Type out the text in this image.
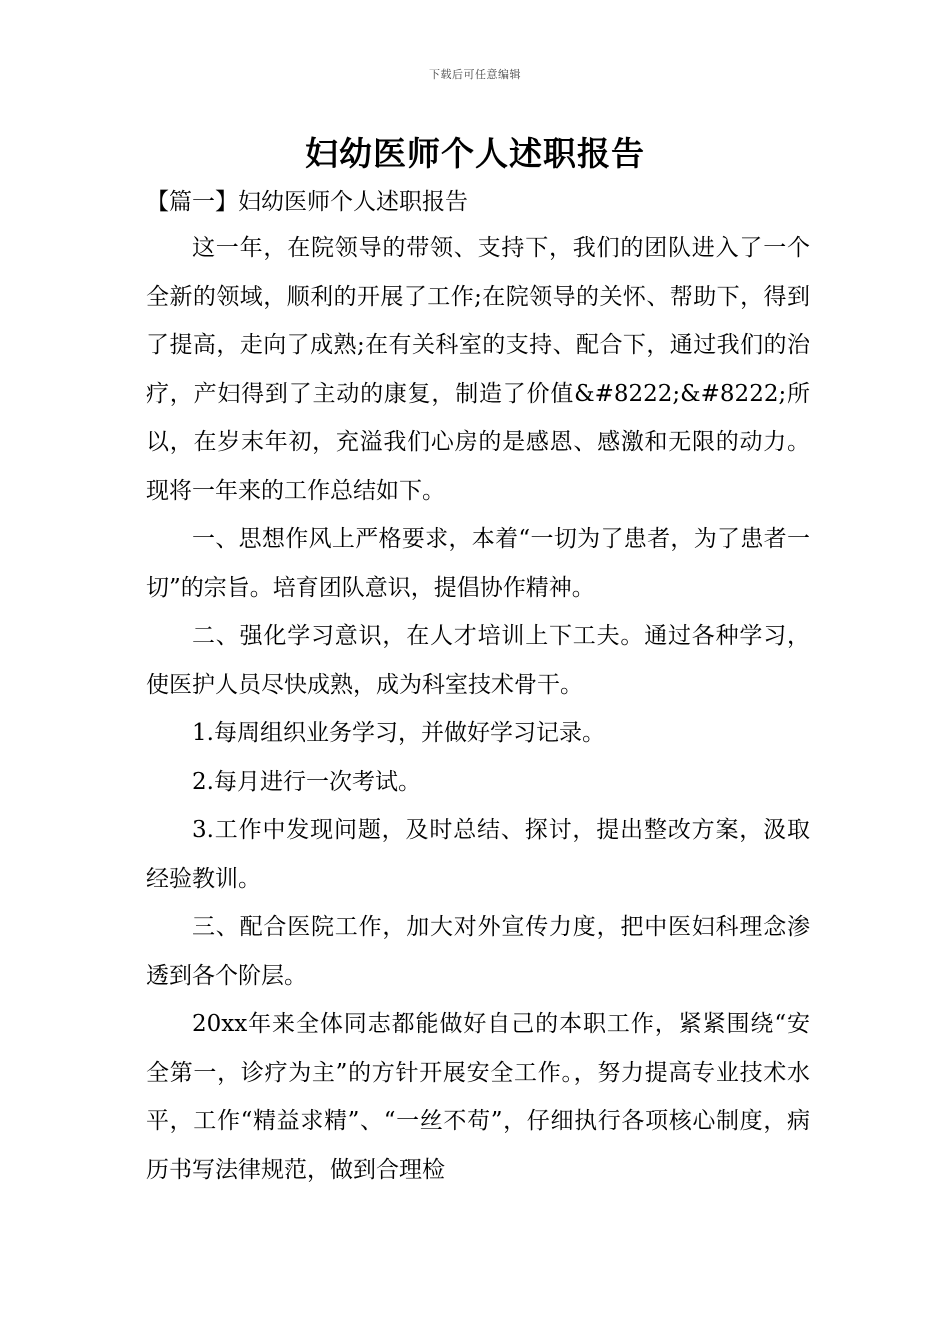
下载后可任意编辑
妇幼医师个人述职报告
【篇一】妇幼医师个人述职报告

这一年，在院领导的带领、支持下，我们的团队进入了一个全新的领域，顺利的开展了工作;在院领导的关怀、帮助下，得到了提高，走向了成熟;在有关科室的支持、配合下，通过我们的治疗，产妇得到了主动的康复，制造了价值&#8222;&#8222;所以，在岁末年初，充溢我们心房的是感恩、感激和无限的动力。现将一年来的工作总结如下。

一、思想作风上严格要求，本着“一切为了患者，为了患者一切”的宗旨。培育团队意识，提倡协作精神。

二、强化学习意识，在人才培训上下工夫。通过各种学习，使医护人员尽快成熟，成为科室技术骨干。

1.每周组织业务学习，并做好学习记录。

2.每月进行一次考试。

3.工作中发现问题，及时总结、探讨，提出整改方案，汲取经验教训。

三、配合医院工作，加大对外宣传力度，把中医妇科理念渗透到各个阶层。

20xx年来全体同志都能做好自己的本职工作，紧紧围绕“安全第一，诊疗为主”的方针开展安全工作。，努力提高专业技术水平，工作“精益求精”、“一丝不苟”，仔细执行各项核心制度，病历书写法律规范，做到合理检
